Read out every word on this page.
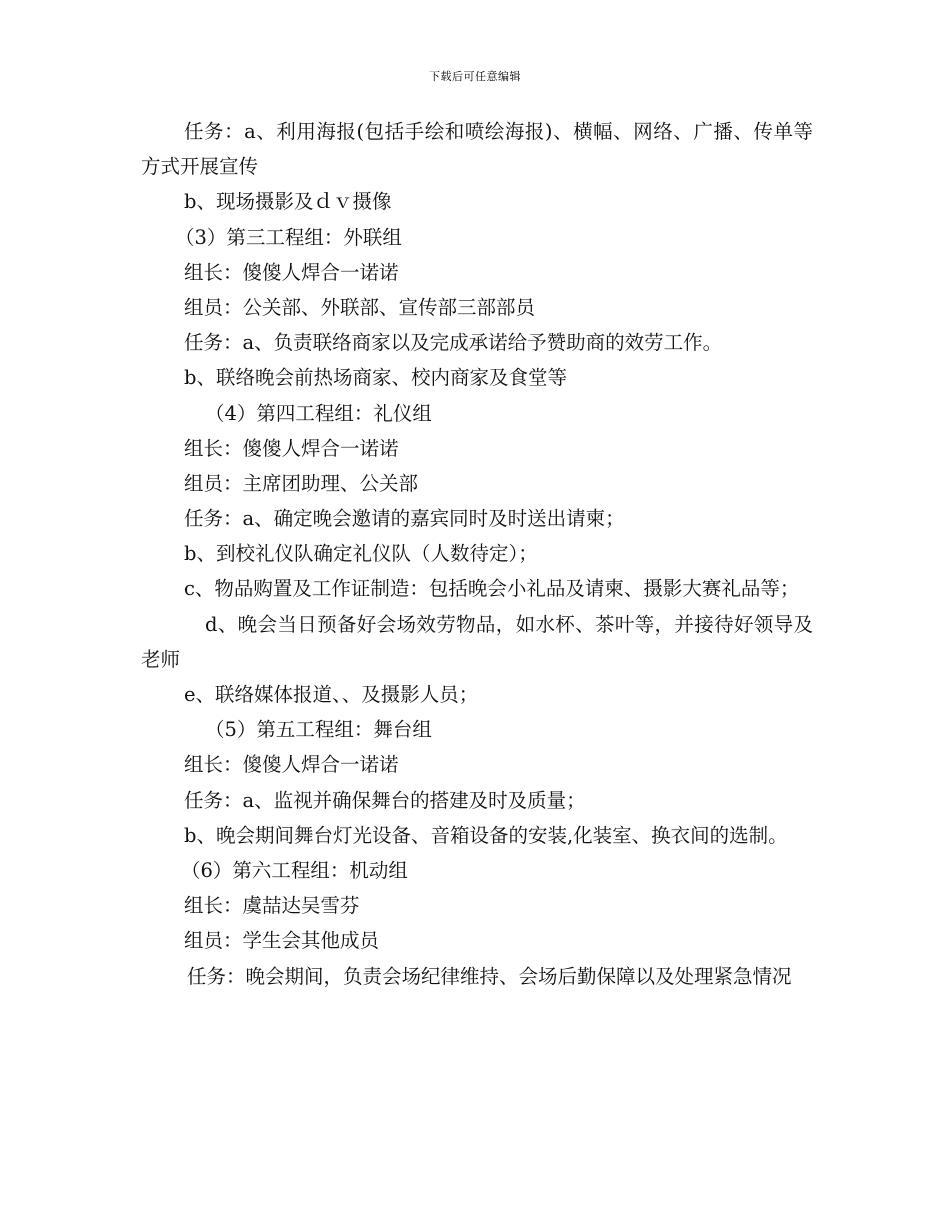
下载后可任意编辑
任务：a、利用海报(包括手绘和喷绘海报)、横幅、网络、广播、传单等方式开展宣传
b、现场摄影及ｄｖ摄像
（3）第三工程组：外联组
组长：傻傻人焊合一诺诺
组员：公关部、外联部、宣传部三部部员
任务：a、负责联络商家以及完成承诺给予赞助商的效劳工作。
b、联络晚会前热场商家、校内商家及食堂等
（4）第四工程组：礼仪组
组长：傻傻人焊合一诺诺
组员：主席团助理、公关部
任务：a、确定晚会邀请的嘉宾同时及时送出请柬；
b、到校礼仪队确定礼仪队（人数待定）；
c、物品购置及工作证制造：包括晚会小礼品及请柬、摄影大赛礼品等；
d、晚会当日预备好会场效劳物品，如水杯、茶叶等，并接待好领导及老师
e、联络媒体报道、、及摄影人员；
（5）第五工程组：舞台组
组长：傻傻人焊合一诺诺
任务：a、监视并确保舞台的搭建及时及质量；
b、晚会期间舞台灯光设备、音箱设备的安装,化装室、换衣间的选制。
（6）第六工程组：机动组
组长：虞喆达吴雪芬
组员：学生会其他成员
任务：晚会期间，负责会场纪律维持、会场后勤保障以及处理紧急情况
